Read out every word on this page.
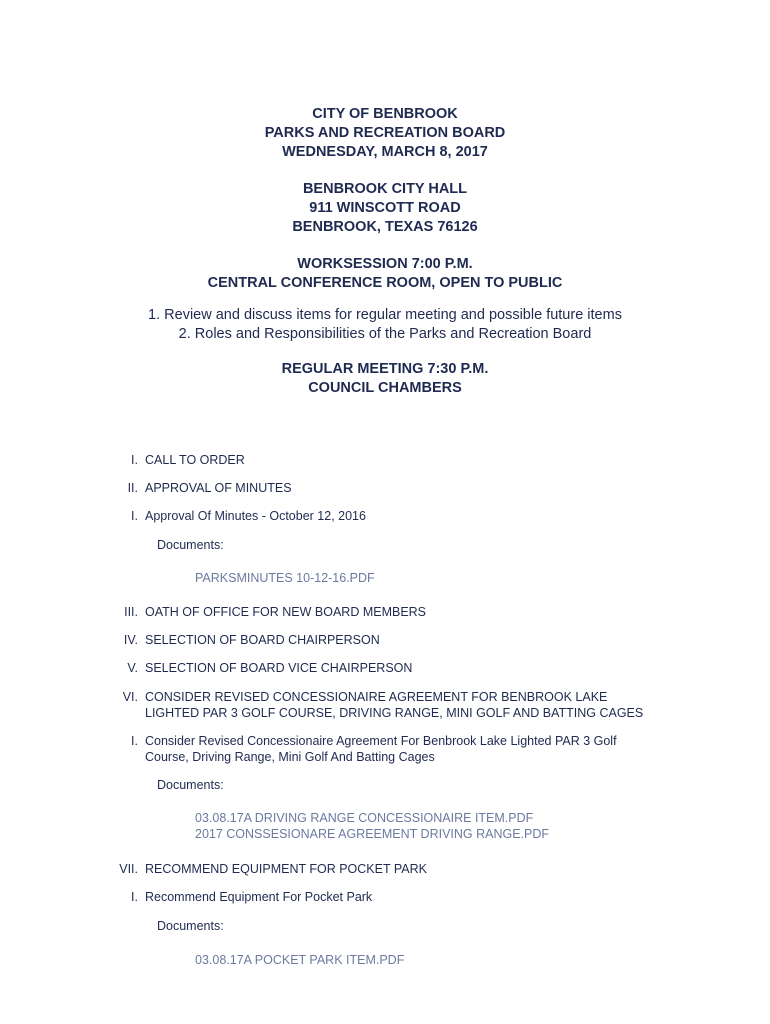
CITY OF BENBROOK
PARKS AND RECREATION BOARD
WEDNESDAY, MARCH 8, 2017
BENBROOK CITY HALL
911 WINSCOTT ROAD
BENBROOK, TEXAS 76126
WORKSESSION 7:00 P.M.
CENTRAL CONFERENCE ROOM, OPEN TO PUBLIC
1. Review and discuss items for regular meeting and possible future items
2. Roles and Responsibilities of the Parks and Recreation Board
REGULAR MEETING 7:30 P.M.
COUNCIL CHAMBERS
I. CALL TO ORDER
II. APPROVAL OF MINUTES
I. Approval Of Minutes - October 12, 2016
Documents:
PARKSMINUTES 10-12-16.PDF
III. OATH OF OFFICE FOR NEW BOARD MEMBERS
IV. SELECTION OF BOARD CHAIRPERSON
V. SELECTION OF BOARD VICE CHAIRPERSON
VI. CONSIDER REVISED CONCESSIONAIRE AGREEMENT FOR BENBROOK LAKE
LIGHTED PAR 3 GOLF COURSE, DRIVING RANGE, MINI GOLF AND BATTING CAGES
I. Consider Revised Concessionaire Agreement For Benbrook Lake Lighted PAR 3 Golf
Course, Driving Range, Mini Golf And Batting Cages
Documents:
03.08.17A DRIVING RANGE CONCESSIONAIRE ITEM.PDF
2017 CONSSESIONARE AGREEMENT DRIVING RANGE.PDF
VII. RECOMMEND EQUIPMENT FOR POCKET PARK
I. Recommend Equipment For Pocket Park
Documents:
03.08.17A POCKET PARK ITEM.PDF
